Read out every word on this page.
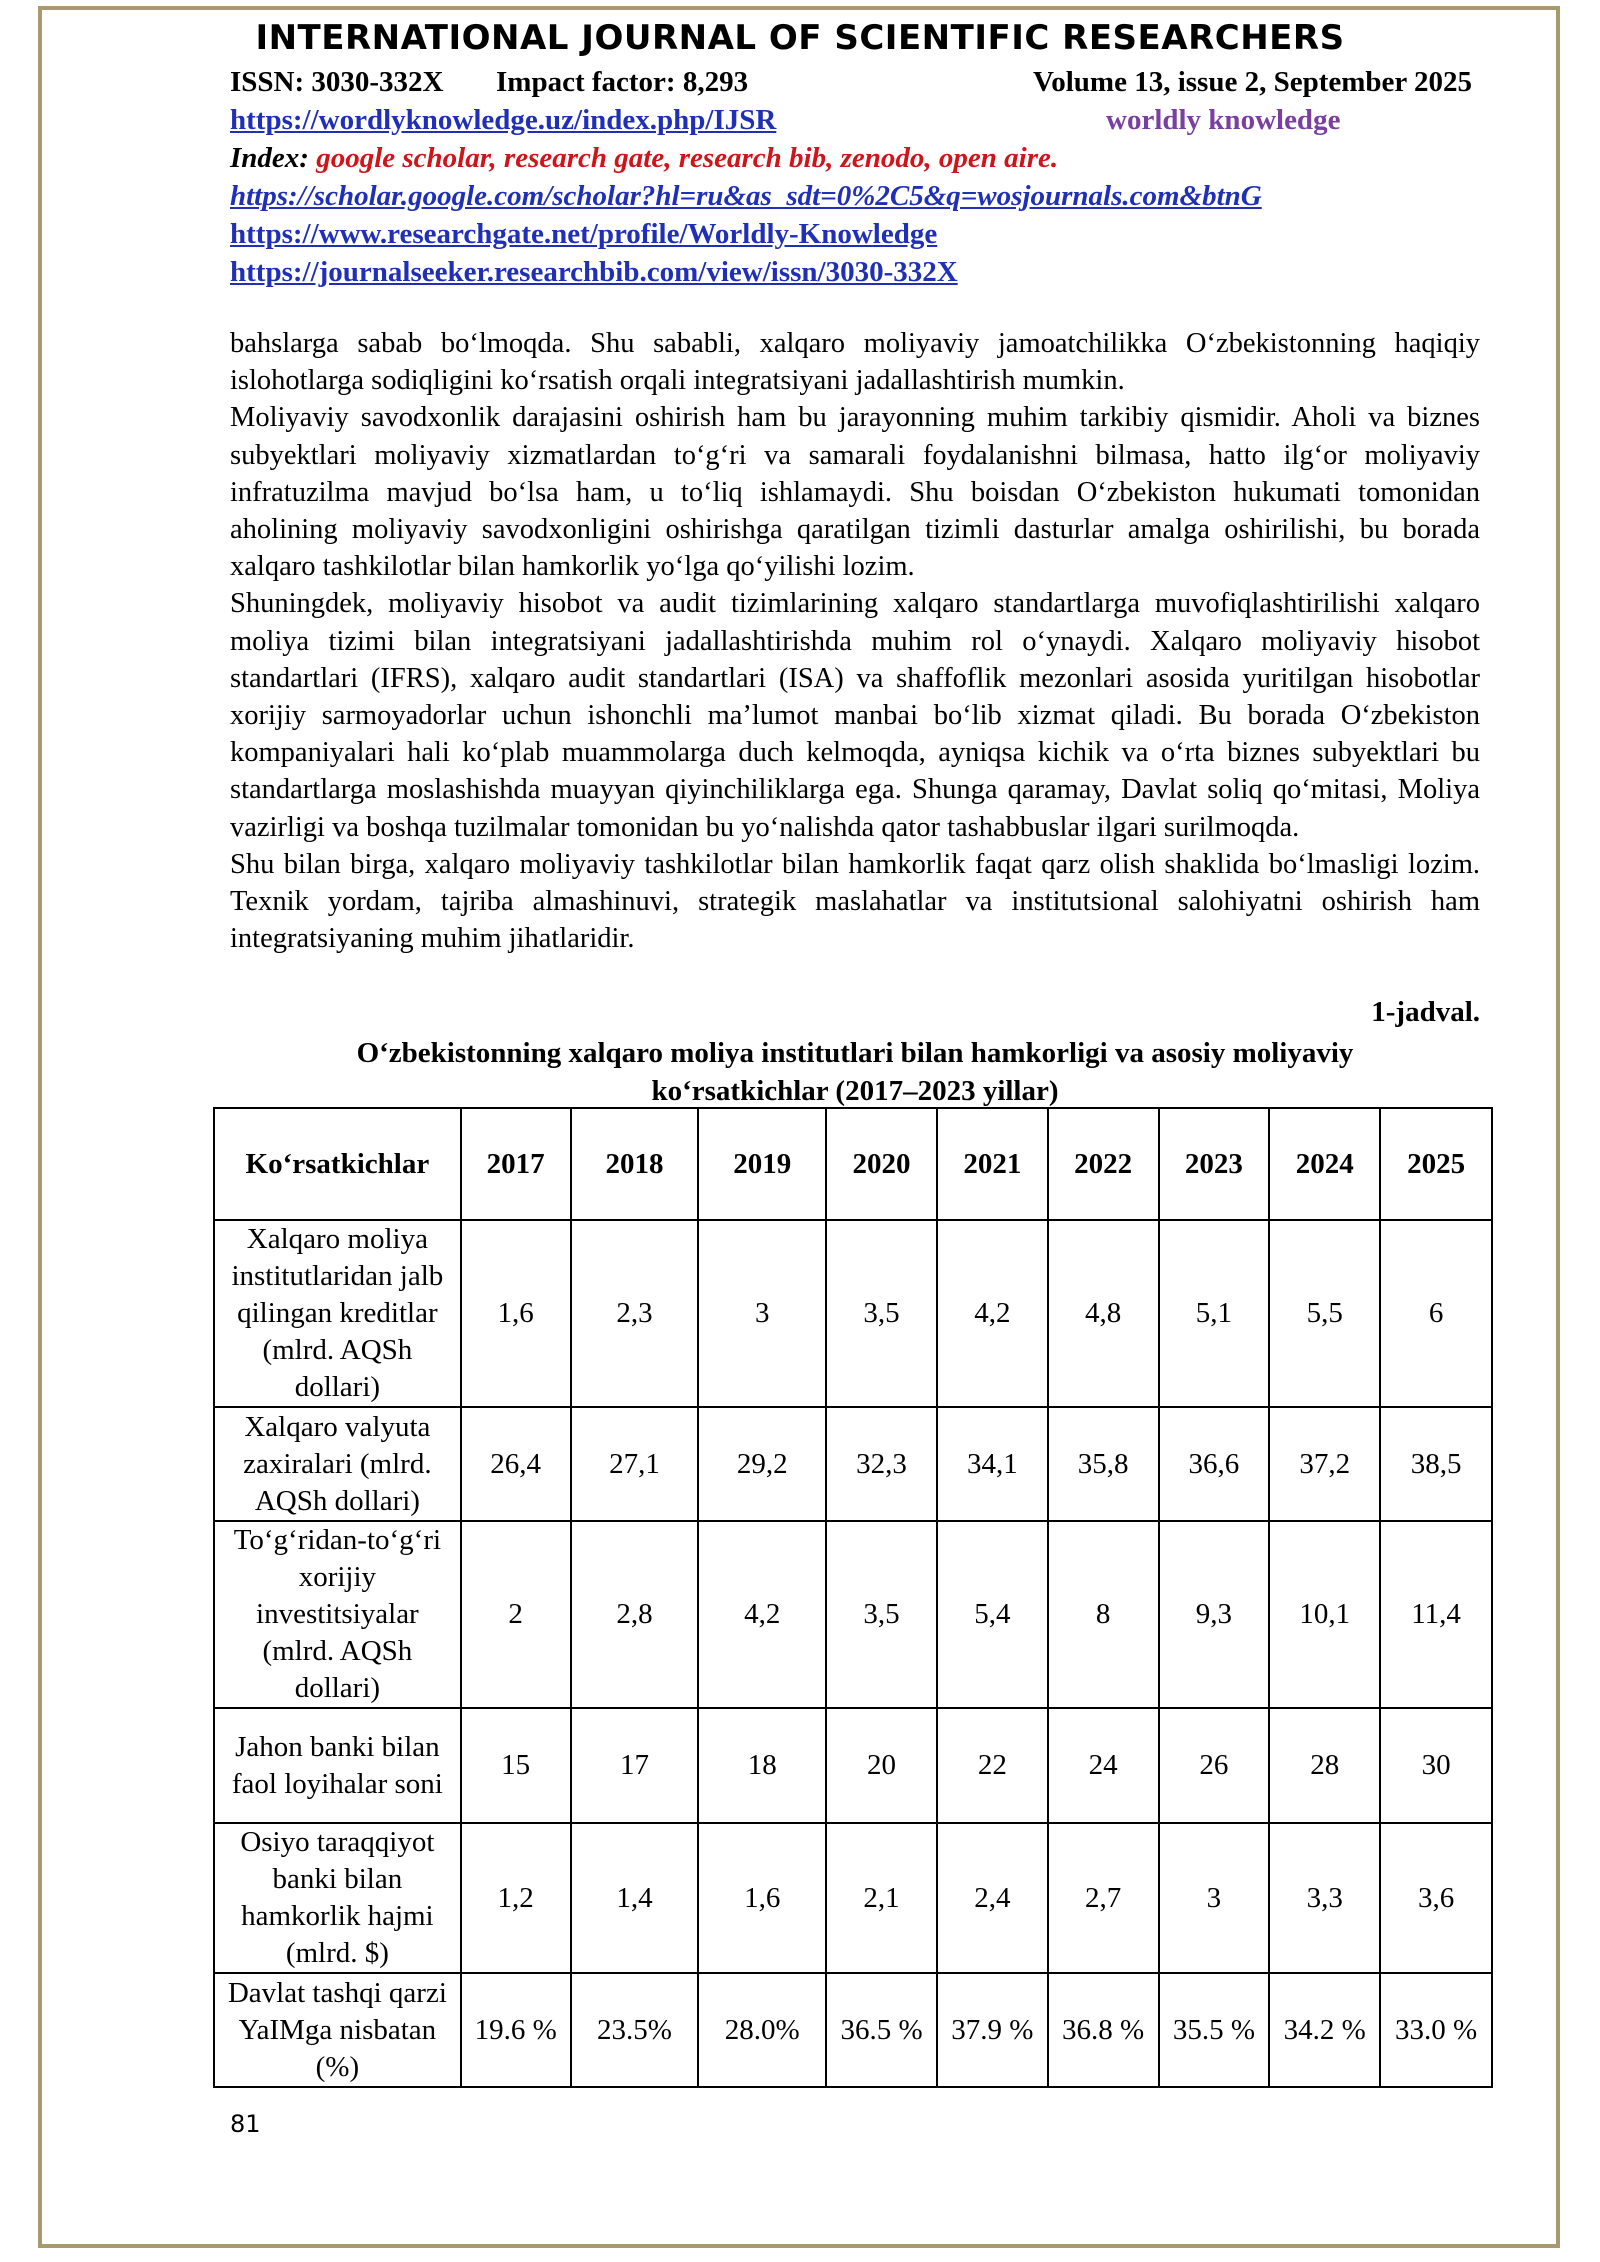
INTERNATIONAL JOURNAL OF SCIENTIFIC RESEARCHERS
ISSN: 3030-332X Impact factor: 8,293	Volume 13, issue 2, September 2025
https://wordlyknowledge.uz/index.php/IJSR	worldly knowledge
Index: google scholar, research gate, research bib, zenodo, open aire.
https://scholar.google.com/scholar?hl=ru&as_sdt=0%2C5&q=wosjournals.com&btnG
https://www.researchgate.net/profile/Worldly-Knowledge
https://journalseeker.researchbib.com/view/issn/3030-332X

bahslarga sabab bo‘lmoqda. Shu sababli, xalqaro moliyaviy jamoatchilikka O‘zbekistonning haqiqiy islohotlarga sodiqligini ko‘rsatish orqali integratsiyani jadallashtirish mumkin.

Moliyaviy savodxonlik darajasini oshirish ham bu jarayonning muhim tarkibiy qismidir. Aholi va biznes subyektlari moliyaviy xizmatlardan to‘g‘ri va samarali foydalanishni bilmasa, hatto ilg‘or moliyaviy infratuzilma mavjud bo‘lsa ham, u to‘liq ishlamaydi. Shu boisdan O‘zbekiston hukumati tomonidan aholining moliyaviy savodxonligini oshirishga qaratilgan tizimli dasturlar amalga oshirilishi, bu borada xalqaro tashkilotlar bilan hamkorlik yo‘lga qo‘yilishi lozim.

Shuningdek, moliyaviy hisobot va audit tizimlarining xalqaro standartlarga muvofiqlashtirilishi xalqaro moliya tizimi bilan integratsiyani jadallashtirishda muhim rol o‘ynaydi. Xalqaro moliyaviy hisobot standartlari (IFRS), xalqaro audit standartlari (ISA) va shaffoflik mezonlari asosida yuritilgan hisobotlar xorijiy sarmoyadorlar uchun ishonchli ma’lumot manbai bo‘lib xizmat qiladi. Bu borada O‘zbekiston kompaniyalari hali ko‘plab muammolarga duch kelmoqda, ayniqsa kichik va o‘rta biznes subyektlari bu standartlarga moslashishda muayyan qiyinchiliklarga ega. Shunga qaramay, Davlat soliq qo‘mitasi, Moliya vazirligi va boshqa tuzilmalar tomonidan bu yo‘nalishda qator tashabbuslar ilgari surilmoqda.

Shu bilan birga, xalqaro moliyaviy tashkilotlar bilan hamkorlik faqat qarz olish shaklida bo‘lmasligi lozim. Texnik yordam, tajriba almashinuvi, strategik maslahatlar va institutsional salohiyatni oshirish ham integratsiyaning muhim jihatlaridir.

1-jadval.
O‘zbekistonning xalqaro moliya institutlari bilan hamkorligi va asosiy moliyaviy
ko‘rsatkichlar (2017–2023 yillar)
Ko‘rsatkichlar	2017	2018	2019	2020	2021	2022	2023	2024	2025
Xalqaro moliya institutlaridan jalb qilingan kreditlar (mlrd. AQSh dollari)	1,6	2,3	3	3,5	4,2	4,8	5,1	5,5	6
Xalqaro valyuta zaxiralari (mlrd. AQSh dollari)	26,4	27,1	29,2	32,3	34,1	35,8	36,6	37,2	38,5
To‘g‘ridan-to‘g‘ri xorijiy investitsiyalar (mlrd. AQSh dollari)	2	2,8	4,2	3,5	5,4	8	9,3	10,1	11,4
Jahon banki bilan faol loyihalar soni	15	17	18	20	22	24	26	28	30
Osiyo taraqqiyot banki bilan hamkorlik hajmi (mlrd. $)	1,2	1,4	1,6	2,1	2,4	2,7	3	3,3	3,6
Davlat tashqi qarzi YaIMga nisbatan (%)	19.6 %	23.5%	28.0%	36.5 %	37.9 %	36.8 %	35.5 %	34.2 %	33.0 %
81
